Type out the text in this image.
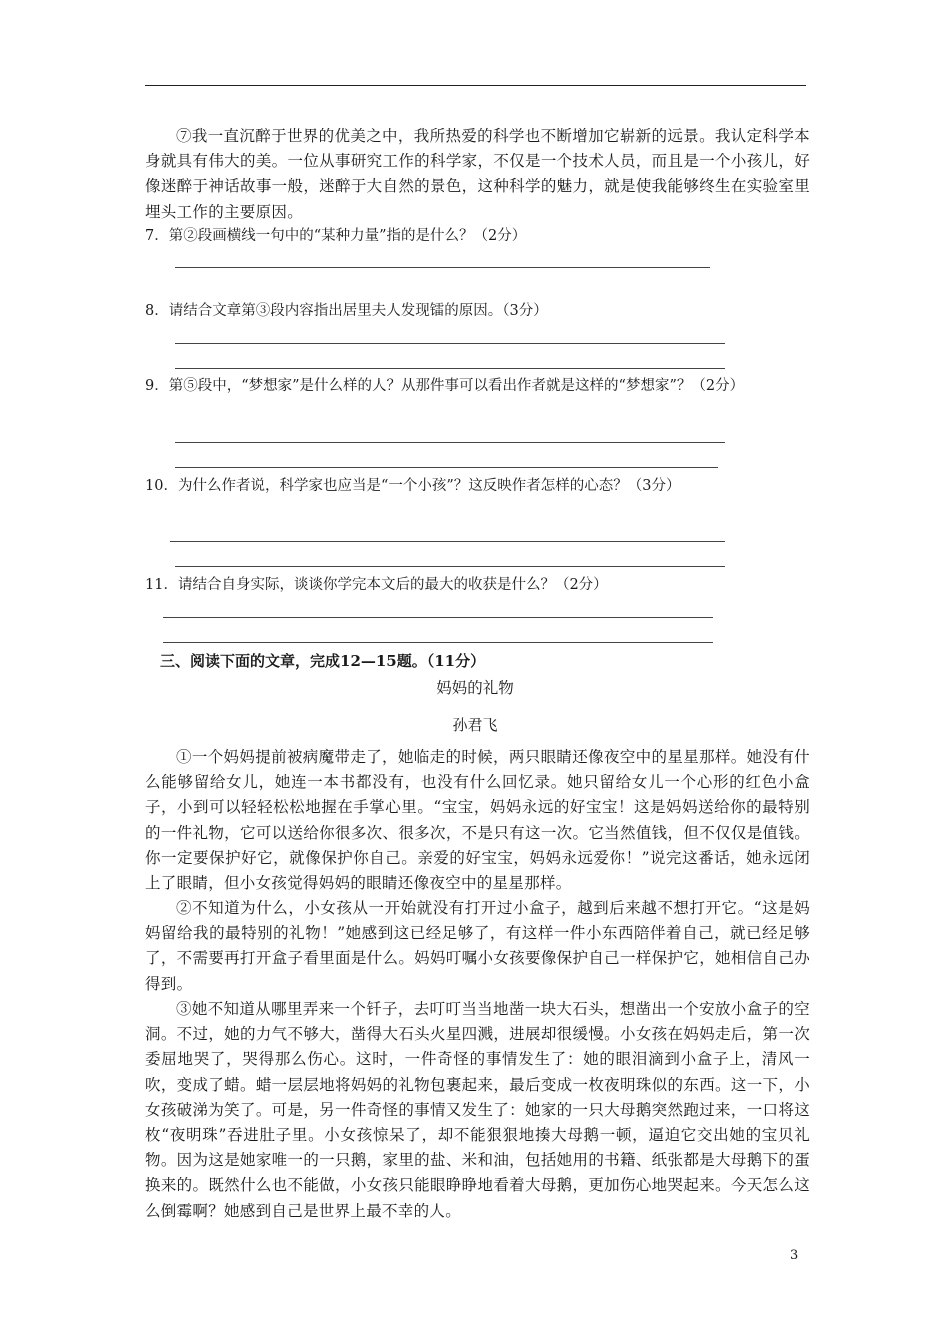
⑦我一直沉醉于世界的优美之中，我所热爱的科学也不断增加它崭新的远景。我认定科学本身就具有伟大的美。一位从事研究工作的科学家，不仅是一个技术人员，而且是一个小孩儿，好像迷醉于神话故事一般，迷醉于大自然的景色，这种科学的魅力，就是使我能够终生在实验室里埋头工作的主要原因。
7．第②段画横线一句中的“某种力量”指的是什么？（2分）
8．请结合文章第③段内容指出居里夫人发现镭的原因。（3分）
9．第⑤段中，“梦想家”是什么样的人？从那件事可以看出作者就是这样的“梦想家”？（2分）
10．为什么作者说，科学家也应当是“一个小孩”？这反映作者怎样的心态？（3分）
11．请结合自身实际，谈谈你学完本文后的最大的收获是什么？（2分）
三、阅读下面的文章，完成12—15题。（11分）
妈妈的礼物
孙君飞
①一个妈妈提前被病魔带走了，她临走的时候，两只眼睛还像夜空中的星星那样。她没有什么能够留给女儿，她连一本书都没有，也没有什么回忆录。她只留给女儿一个心形的红色小盒子，小到可以轻轻松松地握在手掌心里。“宝宝，妈妈永远的好宝宝！这是妈妈送给你的最特别的一件礼物，它可以送给你很多次、很多次，不是只有这一次。它当然值钱，但不仅仅是值钱。你一定要保护好它，就像保护你自己。亲爱的好宝宝，妈妈永远爱你！”说完这番话，她永远闭上了眼睛，但小女孩觉得妈妈的眼睛还像夜空中的星星那样。
②不知道为什么，小女孩从一开始就没有打开过小盒子，越到后来越不想打开它。“这是妈妈留给我的最特别的礼物！”她感到这已经足够了，有这样一件小东西陪伴着自己，就已经足够了，不需要再打开盒子看里面是什么。妈妈叮嘱小女孩要像保护自己一样保护它，她相信自己办得到。
③她不知道从哪里弄来一个钎子，去叮叮当当地凿一块大石头，想凿出一个安放小盒子的空洞。不过，她的力气不够大，凿得大石头火星四溅，进展却很缓慢。小女孩在妈妈走后，第一次委屈地哭了，哭得那么伤心。这时，一件奇怪的事情发生了：她的眼泪滴到小盒子上，清风一吹，变成了蜡。蜡一层层地将妈妈的礼物包裹起来，最后变成一枚夜明珠似的东西。这一下，小女孩破涕为笑了。可是，另一件奇怪的事情又发生了：她家的一只大母鹅突然跑过来，一口将这枚“夜明珠”吞进肚子里。小女孩惊呆了，却不能狠狠地揍大母鹅一顿，逼迫它交出她的宝贝礼物。因为这是她家唯一的一只鹅，家里的盐、米和油，包括她用的书籍、纸张都是大母鹅下的蛋换来的。既然什么也不能做，小女孩只能眼睁睁地看着大母鹅，更加伤心地哭起来。今天怎么这么倒霉啊？她感到自己是世界上最不幸的人。
3
